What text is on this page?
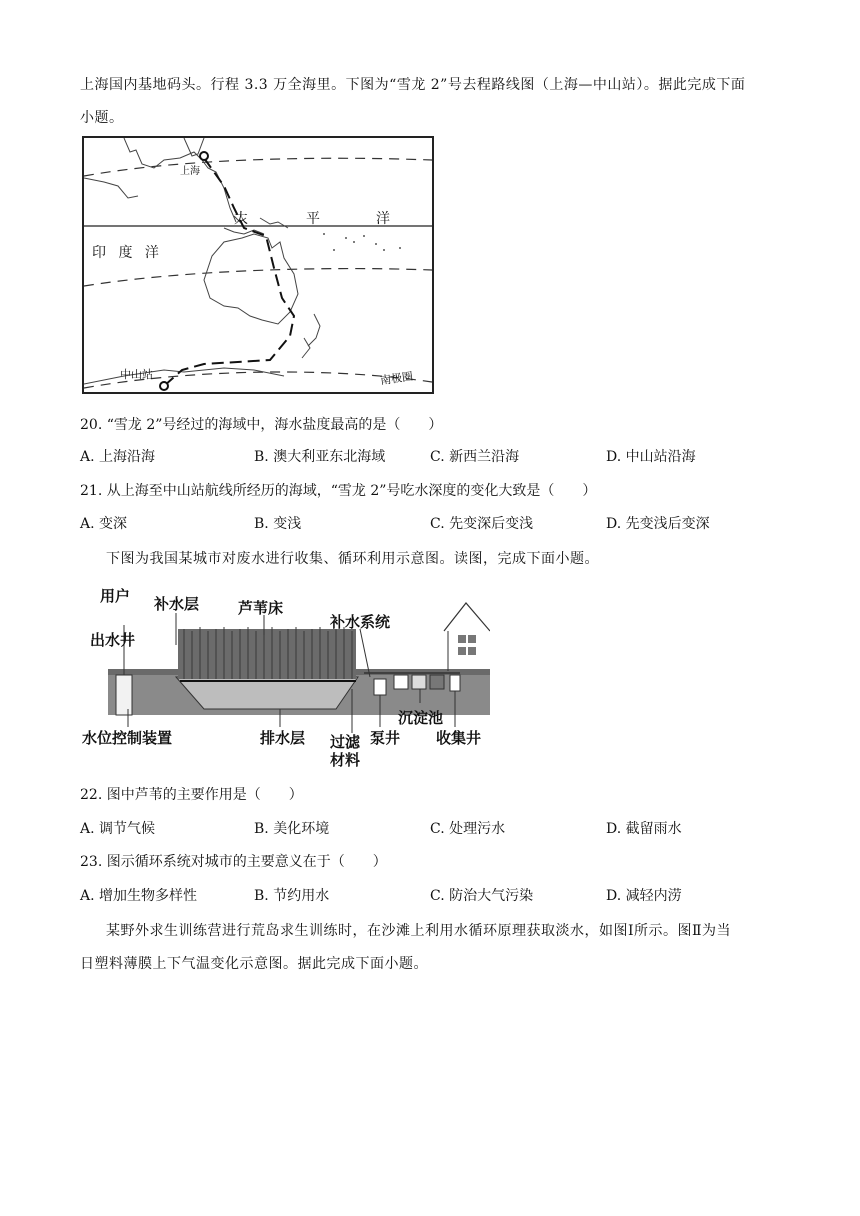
上海国内基地码头。行程 3.3 万全海里。下图为“雪龙 2”号去程路线图（上海—中山站）。据此完成下面
小题。
上海
太	平	洋
印 度 洋
中山站	南极圈
20. “雪龙 2”号经过的海域中，海水盐度最高的是（　　）
A. 上海沿海	B. 澳大利亚东北海域	C. 新西兰沿海	D. 中山站沿海
21. 从上海至中山站航线所经历的海域，“雪龙 2”号吃水深度的变化大致是（　　）
A. 变深	B. 变浅	C. 先变深后变浅	D. 先变浅后变深
下图为我国某城市对废水进行收集、循环利用示意图。读图，完成下面小题。
用户
出水井
补水层	芦苇床
补水系统
水位控制装置	排水层 过滤
材料
泵井
沉淀池
收集井
22. 图中芦苇的主要作用是（　　）
A. 调节气候	B. 美化环境	C. 处理污水	D. 截留雨水
23. 图示循环系统对城市的主要意义在于（　　）
A. 增加生物多样性	B. 节约用水	C. 防治大气污染	D. 减轻内涝
某野外求生训练营进行荒岛求生训练时，在沙滩上利用水循环原理获取淡水，如图Ⅰ所示。图Ⅱ为当
日塑料薄膜上下气温变化示意图。据此完成下面小题。
